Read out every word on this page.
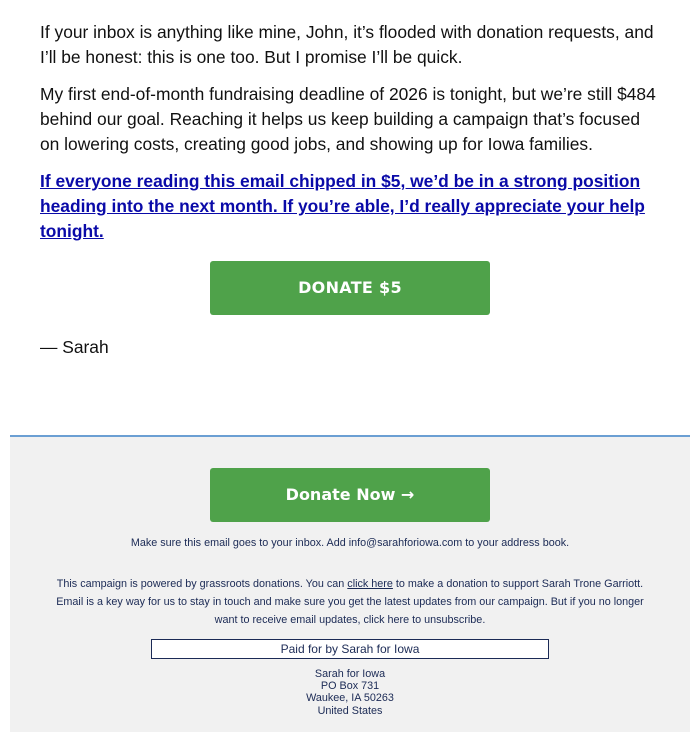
If your inbox is anything like mine, John, it’s flooded with donation requests, and I’ll be honest: this is one too. But I promise I’ll be quick.

My first end-of-month fundraising deadline of 2026 is tonight, but we’re still $484 behind our goal. Reaching it helps us keep building a campaign that’s focused on lowering costs, creating good jobs, and showing up for Iowa families.

If everyone reading this email chipped in $5, we’d be in a strong position heading into the next month. If you’re able, I’d really appreciate your help tonight.
DONATE $5

— Sarah

Donate Now →

Make sure this email goes to your inbox. Add info@sarahforiowa.com to your address book.

This campaign is powered by grassroots donations. You can click here to make a donation to support Sarah Trone Garriott. Email is a key way for us to stay in touch and make sure you get the latest updates from our campaign. But if you no longer want to receive email updates, click here to unsubscribe.

Paid for by Sarah for Iowa
Sarah for Iowa
PO Box 731
Waukee, IA 50263
United States
